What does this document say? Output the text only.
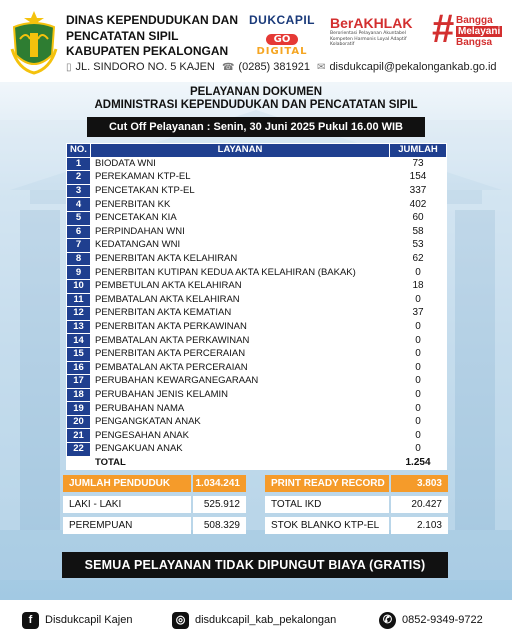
DINAS KEPENDUDUKAN DAN
PENCATATAN SIPIL
KABUPATEN PEKALONGAN
▯ JL. SINDORO NO. 5 KAJEN ☎ (0285) 381921 ✉ disdukcapil@pekalongankab.go.id
DUKCAPIL
GO
DIGITAL
BerAKHLAK
Berorientasi Pelayanan Akuntabel Kompeten Harmonis Loyal Adaptif Kolaboratif	# Bangga
Melayani
Bangsa
PELAYANAN DOKUMEN
ADMINISTRASI KEPENDUDUKAN DAN PENCATATAN SIPIL
Cut Off Pelayanan : Senin, 30 Juni 2025 Pukul 16.00 WIB
NO.	LAYANAN	JUMLAH
1	BIODATA WNI	73
2	PEREKAMAN KTP-EL	154
3	PENCETAKAN KTP-EL	337
4	PENERBITAN KK	402
5	PENCETAKAN KIA	60
6	PERPINDAHAN WNI	58
7	KEDATANGAN WNI	53
8	PENERBITAN AKTA KELAHIRAN	62
9	PENERBITAN KUTIPAN KEDUA AKTA KELAHIRAN (BAKAK)	0
10	PEMBETULAN AKTA KELAHIRAN	18
11	PEMBATALAN AKTA KELAHIRAN	0
12	PENERBITAN AKTA KEMATIAN	37
13	PENERBITAN AKTA PERKAWINAN	0
14	PEMBATALAN AKTA PERKAWINAN	0
15	PENERBITAN AKTA PERCERAIAN	0
16	PEMBATALAN AKTA PERCERAIAN	0
17	PERUBAHAN KEWARGANEGARAAN	0
18	PERUBAHAN JENIS KELAMIN	0
19	PERUBAHAN NAMA	0
20	PENGANGKATAN ANAK	0
21	PENGESAHAN ANAK	0
22	PENGAKUAN ANAK	0
	TOTAL	1.254
JUMLAH PENDUDUK	1.034.241
LAKI - LAKI	525.912
PEREMPUAN	508.329
PRINT READY RECORD	3.803
TOTAL IKD	20.427
STOK BLANKO KTP-EL	2.103
SEMUA PELAYANAN TIDAK DIPUNGUT BIAYA (GRATIS)
f	Disdukcapil Kajen	◎ disdukcapil_kab_pekalongan	✆ 0852-9349-9722
